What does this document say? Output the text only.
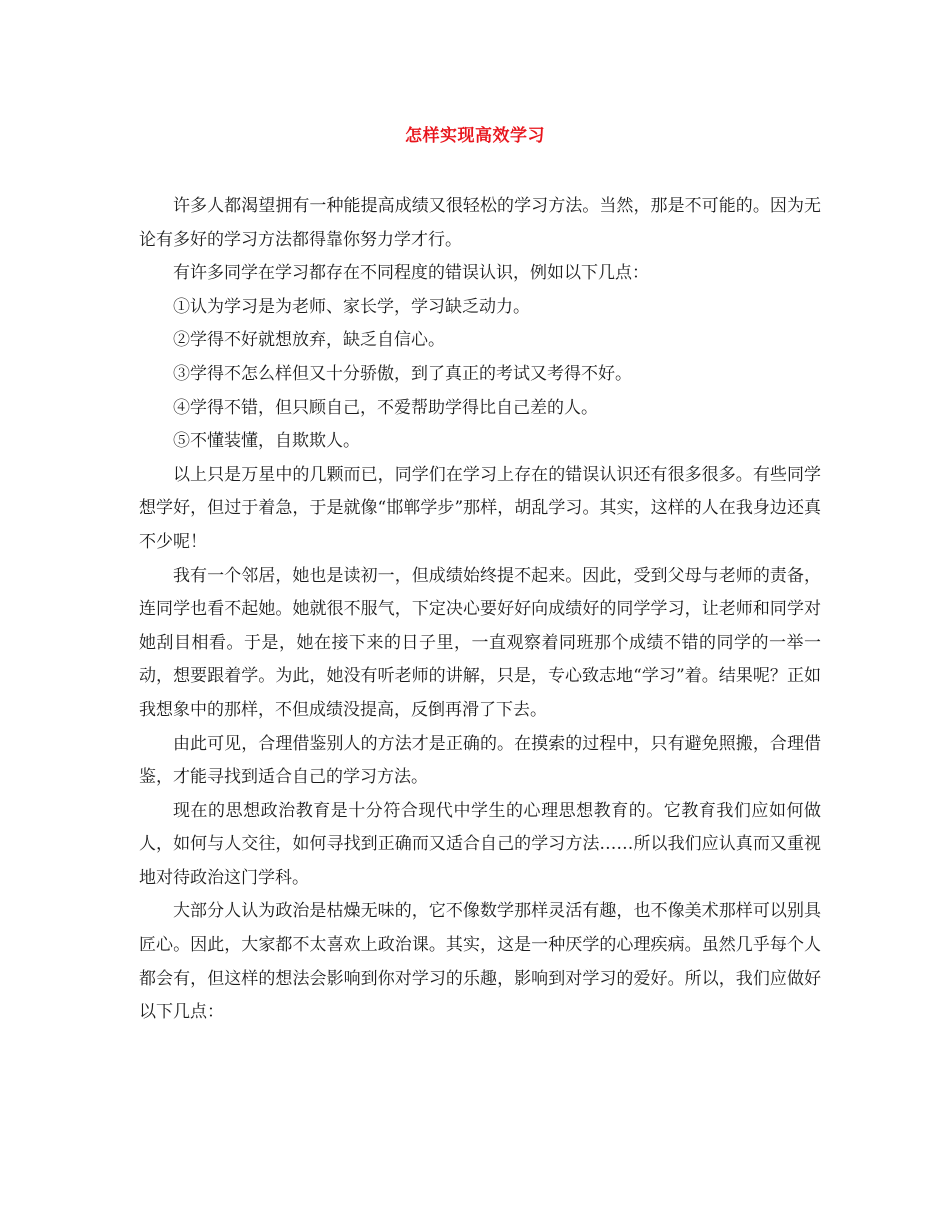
怎样实现高效学习

许多人都渴望拥有一种能提高成绩又很轻松的学习方法。当然，那是不可能的。因为无论有多好的学习方法都得靠你努力学才行。

有许多同学在学习都存在不同程度的错误认识，例如以下几点：

①认为学习是为老师、家长学，学习缺乏动力。

②学得不好就想放弃，缺乏自信心。

③学得不怎么样但又十分骄傲，到了真正的考试又考得不好。

④学得不错，但只顾自己，不爱帮助学得比自己差的人。

⑤不懂装懂，自欺欺人。

以上只是万星中的几颗而已，同学们在学习上存在的错误认识还有很多很多。有些同学想学好，但过于着急，于是就像“邯郸学步”那样，胡乱学习。其实，这样的人在我身边还真不少呢！

我有一个邻居，她也是读初一，但成绩始终提不起来。因此，受到父母与老师的责备，连同学也看不起她。她就很不服气，下定决心要好好向成绩好的同学学习，让老师和同学对她刮目相看。于是，她在接下来的日子里，一直观察着同班那个成绩不错的同学的一举一动，想要跟着学。为此，她没有听老师的讲解，只是，专心致志地“学习”着。结果呢？正如我想象中的那样，不但成绩没提高，反倒再滑了下去。

由此可见，合理借鉴别人的方法才是正确的。在摸索的过程中，只有避免照搬，合理借鉴，才能寻找到适合自己的学习方法。

现在的思想政治教育是十分符合现代中学生的心理思想教育的。它教育我们应如何做人，如何与人交往，如何寻找到正确而又适合自己的学习方法……所以我们应认真而又重视地对待政治这门学科。

大部分人认为政治是枯燥无味的，它不像数学那样灵活有趣，也不像美术那样可以别具匠心。因此，大家都不太喜欢上政治课。其实，这是一种厌学的心理疾病。虽然几乎每个人都会有，但这样的想法会影响到你对学习的乐趣，影响到对学习的爱好。所以，我们应做好以下几点：
